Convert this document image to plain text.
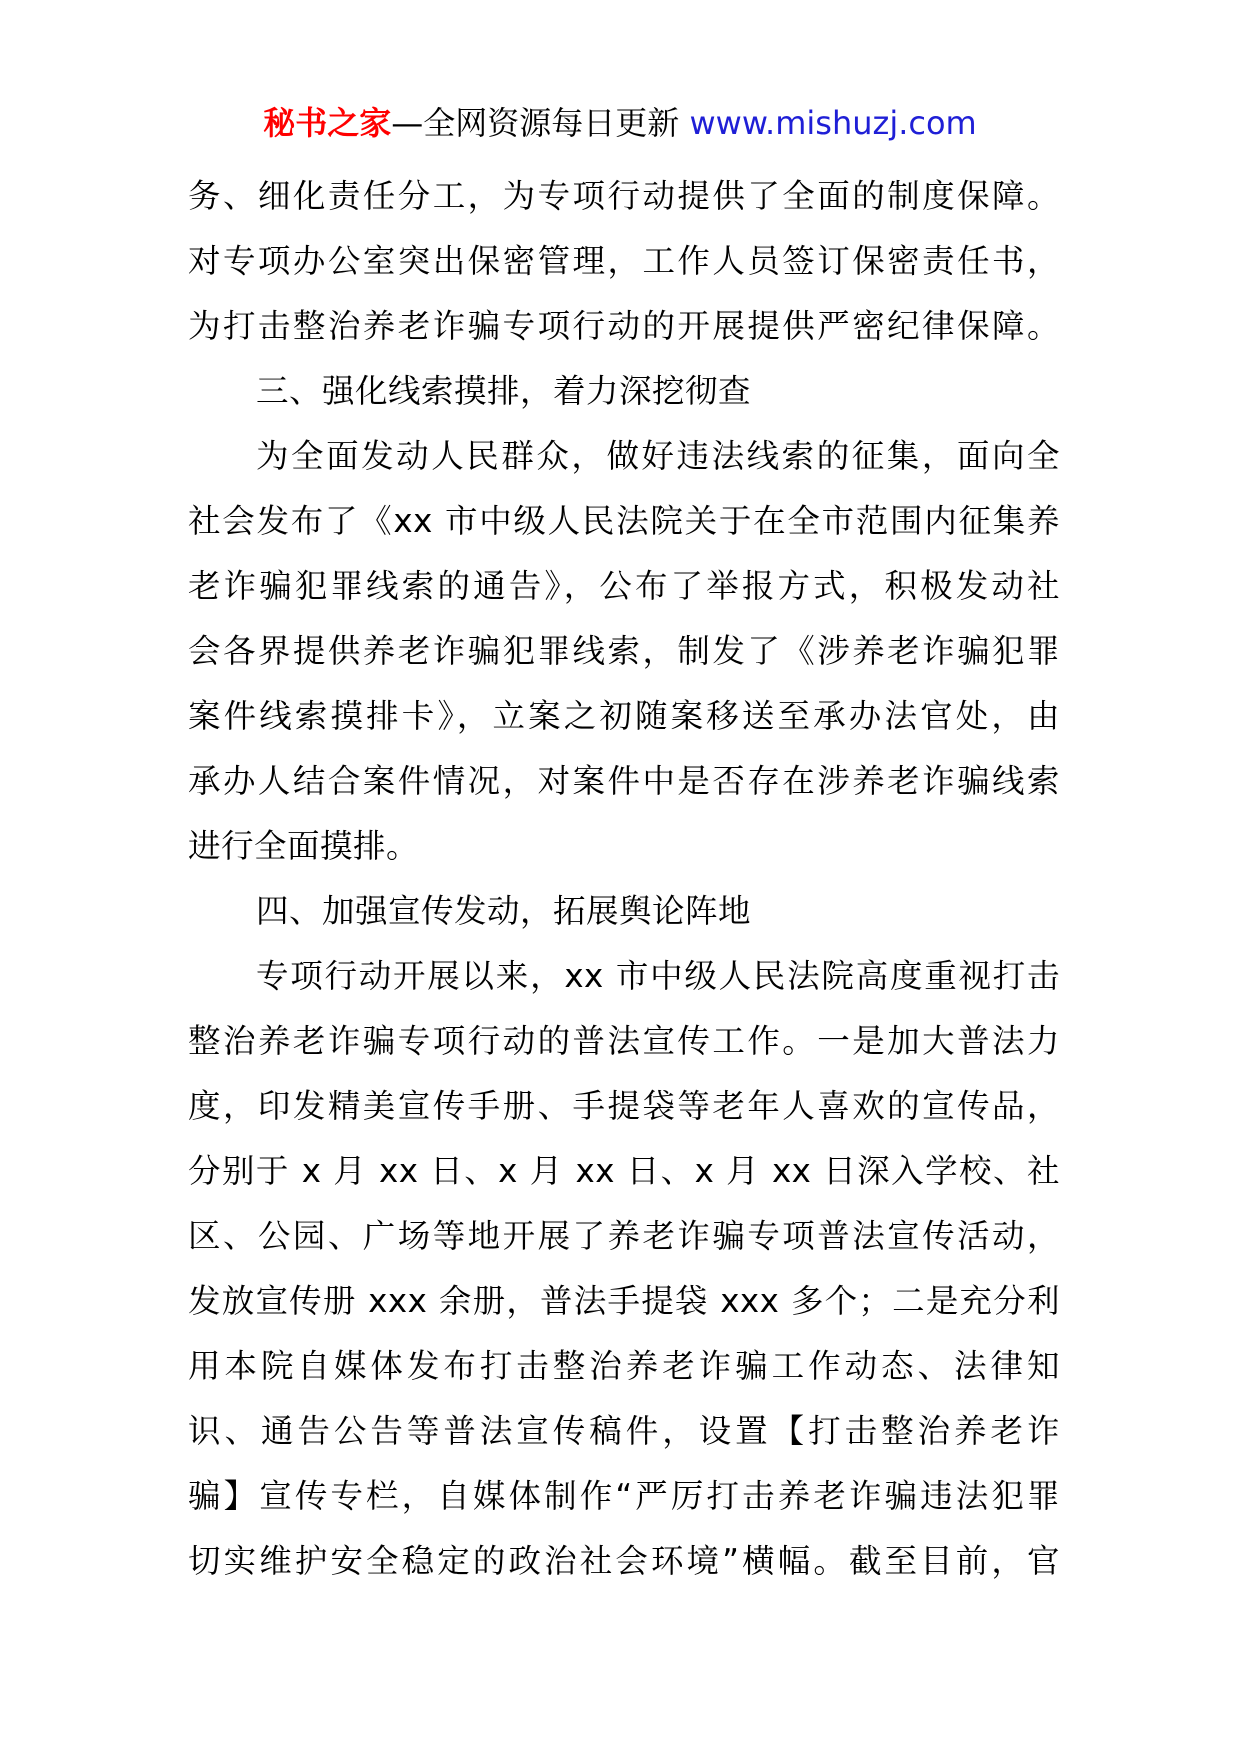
秘书之家—全网资源每日更新 www.mishuzj.com
务、细化责任分工，为专项行动提供了全面的制度保障。
对专项办公室突出保密管理，工作人员签订保密责任书，
为打击整治养老诈骗专项行动的开展提供严密纪律保障。
三、强化线索摸排，着力深挖彻查
为全面发动人民群众，做好违法线索的征集，面向全
社会发布了《xx 市中级人民法院关于在全市范围内征集养
老诈骗犯罪线索的通告》，公布了举报方式，积极发动社
会各界提供养老诈骗犯罪线索，制发了《涉养老诈骗犯罪
案件线索摸排卡》，立案之初随案移送至承办法官处，由
承办人结合案件情况，对案件中是否存在涉养老诈骗线索
进行全面摸排。
四、加强宣传发动，拓展舆论阵地
专项行动开展以来，xx 市中级人民法院高度重视打击
整治养老诈骗专项行动的普法宣传工作。一是加大普法力
度，印发精美宣传手册、手提袋等老年人喜欢的宣传品，
分别于 x 月 xx 日、x 月 xx 日、x 月 xx 日深入学校、社
区、公园、广场等地开展了养老诈骗专项普法宣传活动，
发放宣传册 xxx 余册，普法手提袋 xxx 多个；二是充分利
用本院自媒体发布打击整治养老诈骗工作动态、法律知
识、通告公告等普法宣传稿件，设置【打击整治养老诈
骗】宣传专栏，自媒体制作“严厉打击养老诈骗违法犯罪
切实维护安全稳定的政治社会环境”横幅。截至目前，官
